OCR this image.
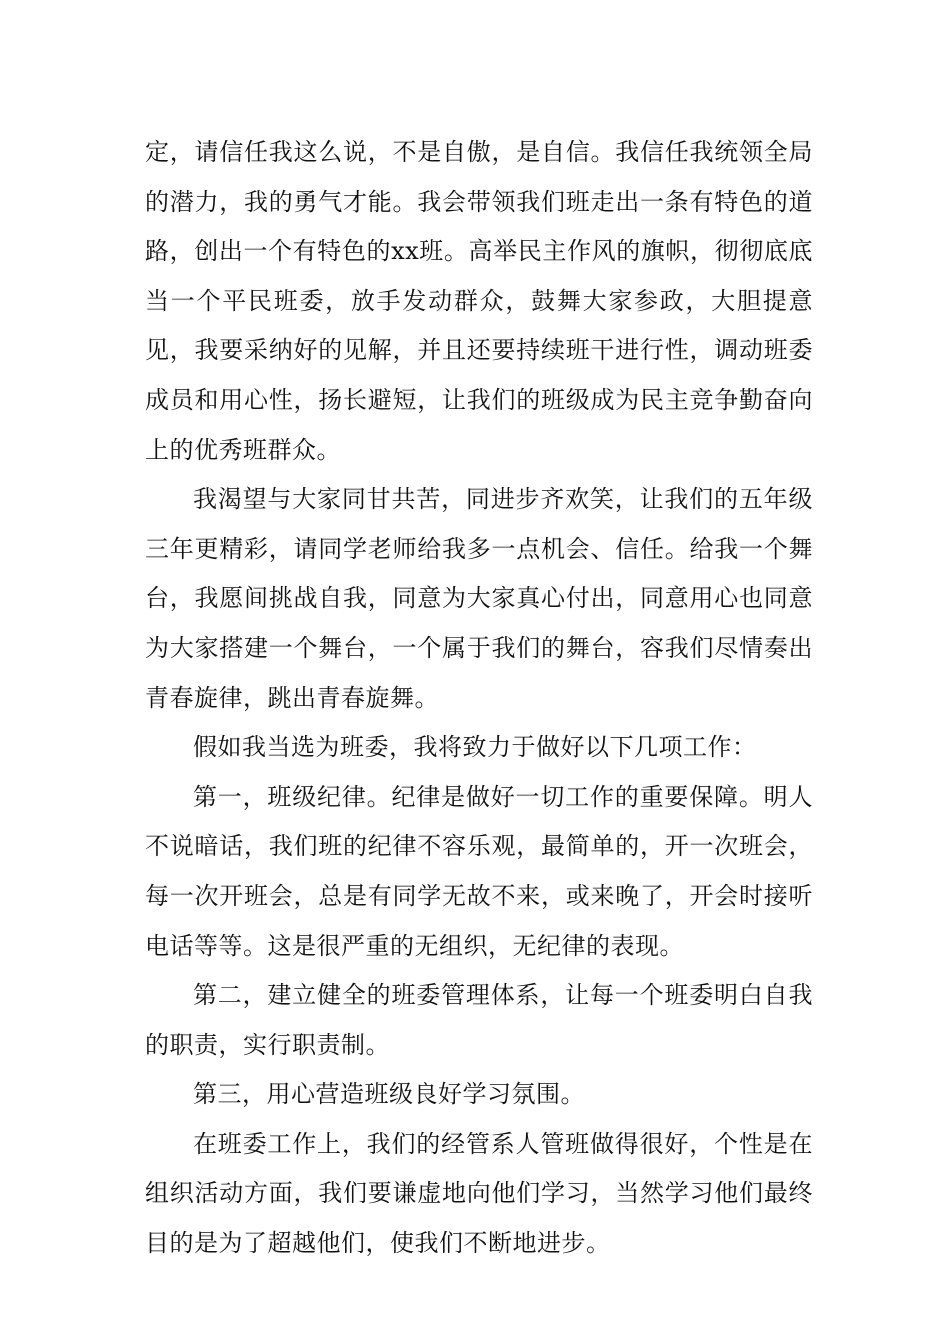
定，请信任我这么说，不是自傲，是自信。我信任我统领全局的潜力，我的勇气才能。我会带领我们班走出一条有特色的道路，创出一个有特色的xx班。高举民主作风的旗帜，彻彻底底当一个平民班委，放手发动群众，鼓舞大家参政，大胆提意见，我要采纳好的见解，并且还要持续班干进行性，调动班委成员和用心性，扬长避短，让我们的班级成为民主竞争勤奋向上的优秀班群众。

我渴望与大家同甘共苦，同进步齐欢笑，让我们的五年级三年更精彩，请同学老师给我多一点机会、信任。给我一个舞台，我愿间挑战自我，同意为大家真心付出，同意用心也同意为大家搭建一个舞台，一个属于我们的舞台，容我们尽情奏出青春旋律，跳出青春旋舞。

假如我当选为班委，我将致力于做好以下几项工作：

第一，班级纪律。纪律是做好一切工作的重要保障。明人不说暗话，我们班的纪律不容乐观，最简单的，开一次班会，每一次开班会，总是有同学无故不来，或来晚了，开会时接听电话等等。这是很严重的无组织，无纪律的表现。

第二，建立健全的班委管理体系，让每一个班委明白自我的职责，实行职责制。

第三，用心营造班级良好学习氛围。

在班委工作上，我们的经管系人管班做得很好，个性是在组织活动方面，我们要谦虚地向他们学习，当然学习他们最终目的是为了超越他们，使我们不断地进步。
